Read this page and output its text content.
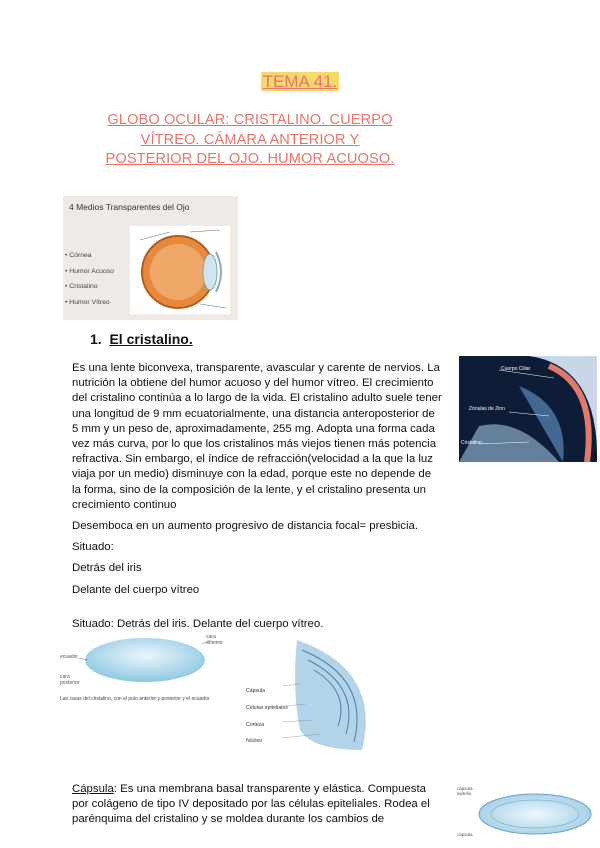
TEMA 41.
GLOBO OCULAR: CRISTALINO. CUERPO VÍTREO. CÁMARA ANTERIOR Y POSTERIOR DEL OJO. HUMOR ACUOSO.
4 Medios Transparentes del Ojo
• Córnea
• Humor Acuoso
• Cristalino
• Humor Vítreo
1. El cristalino.
Es una lente biconvexa, transparente, avascular y carente de nervios. La nutrición la obtiene del humor acuoso y del humor vítreo. El crecimiento del cristalino continúa a lo largo de la vida. El cristalino adulto suele tener una longitud de 9 mm ecuatorialmente, una distancia anteroposterior de 5 mm y un peso de, aproximadamente, 255 mg. Adopta una forma cada vez más curva, por lo que los cristalinos más viejos tienen más potencia refractiva. Sin embargo, el índice de refracción(velocidad a la que la luz viaja por un medio) disminuye con la edad, porque este no depende de la forma, sino de la composición de la lente, y el cristalino presenta un crecimiento continuo
Desemboca en un aumento progresivo de distancia focal= presbicia.
Situado:
Detrás del iris
Delante del cuerpo vítreo
Situado: Detrás del iris. Delante del cuerpo vítreo.
Cuerpo Ciliar
Zónulas de Zinn
Cristalino
ecuador
cara posterior
cara anterior
Las caras del cristalino, con el polo anterior y posterior y el ecuador
Cápsula
Células epiteliales
Corteza
Núcleo
Cápsula: Es una membrana basal transparente y elástica. Compuesta por colágeno de tipo IV depositado por las células epiteliales. Rodea el parénquima del cristalino y se moldea durante los cambios de
cápsula epitelio
cápsula
